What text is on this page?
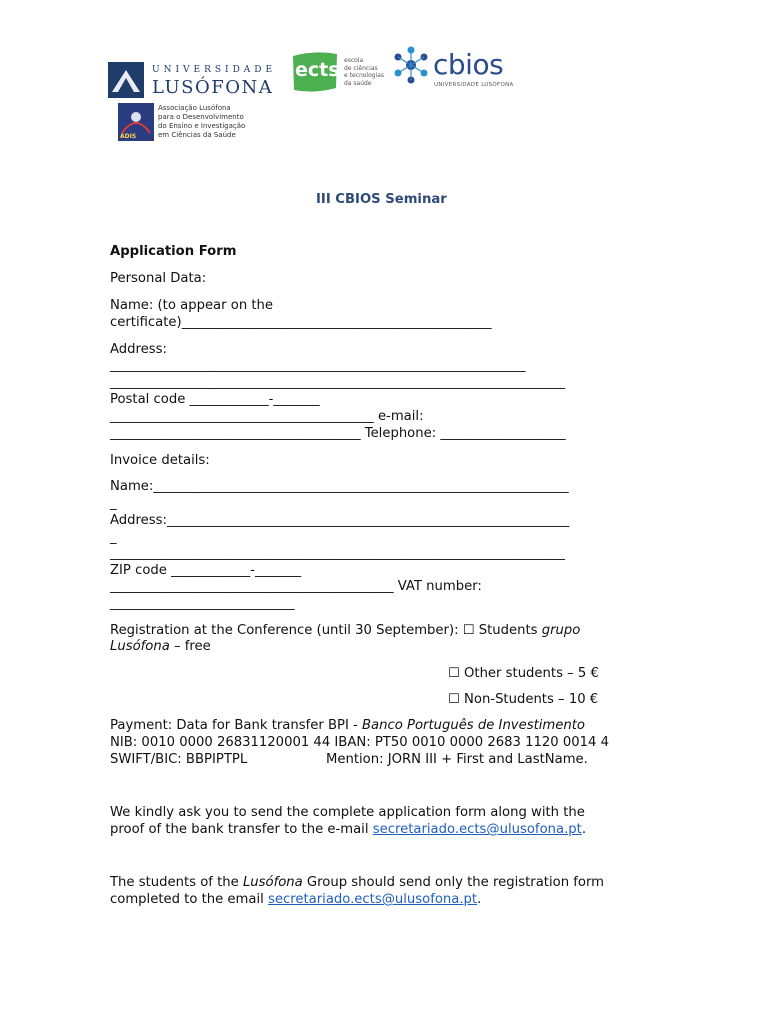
UNIVERSIDADE
LUSÓFONA
ects escola
de ciências
e tecnologias
da saúde
cbios
UNIVERSIDADE LUSÓFONA
ADIS
Associação Lusófona
para o Desenvolvimento
do Ensino e Investigação
em Ciências da Saúde
III CBIOS Seminar
Application Form
Personal Data:
Name: (to appear on the
certificate)_______________________________________________
Address:
_______________________________________________________________
_____________________________________________________________________
Postal code ____________-_______
________________________________________ e-mail:
______________________________________ Telephone: ___________________
Invoice details:
Name:_______________________________________________________________
_
Address:_____________________________________________________________
_
_____________________________________________________________________
ZIP code ____________-_______
___________________________________________ VAT number:
____________________________
Registration at the Conference (until 30 September): ☐ Students grupo
Lusófona – free
☐ Other students – 5 €
☐ Non-Students – 10 €
Payment: Data for Bank transfer BPI - Banco Português de Investimento
NIB: 0010 0000 26831120001 44 IBAN: PT50 0010 0000 2683 1120 0014 4
SWIFT/BIC: BBPIPTPL	Mention: JORN III + First and LastName.
We kindly ask you to send the complete application form along with the
proof of the bank transfer to the e-mail secretariado.ects@ulusofona.pt.
The students of the Lusófona Group should send only the registration form
completed to the email secretariado.ects@ulusofona.pt.
